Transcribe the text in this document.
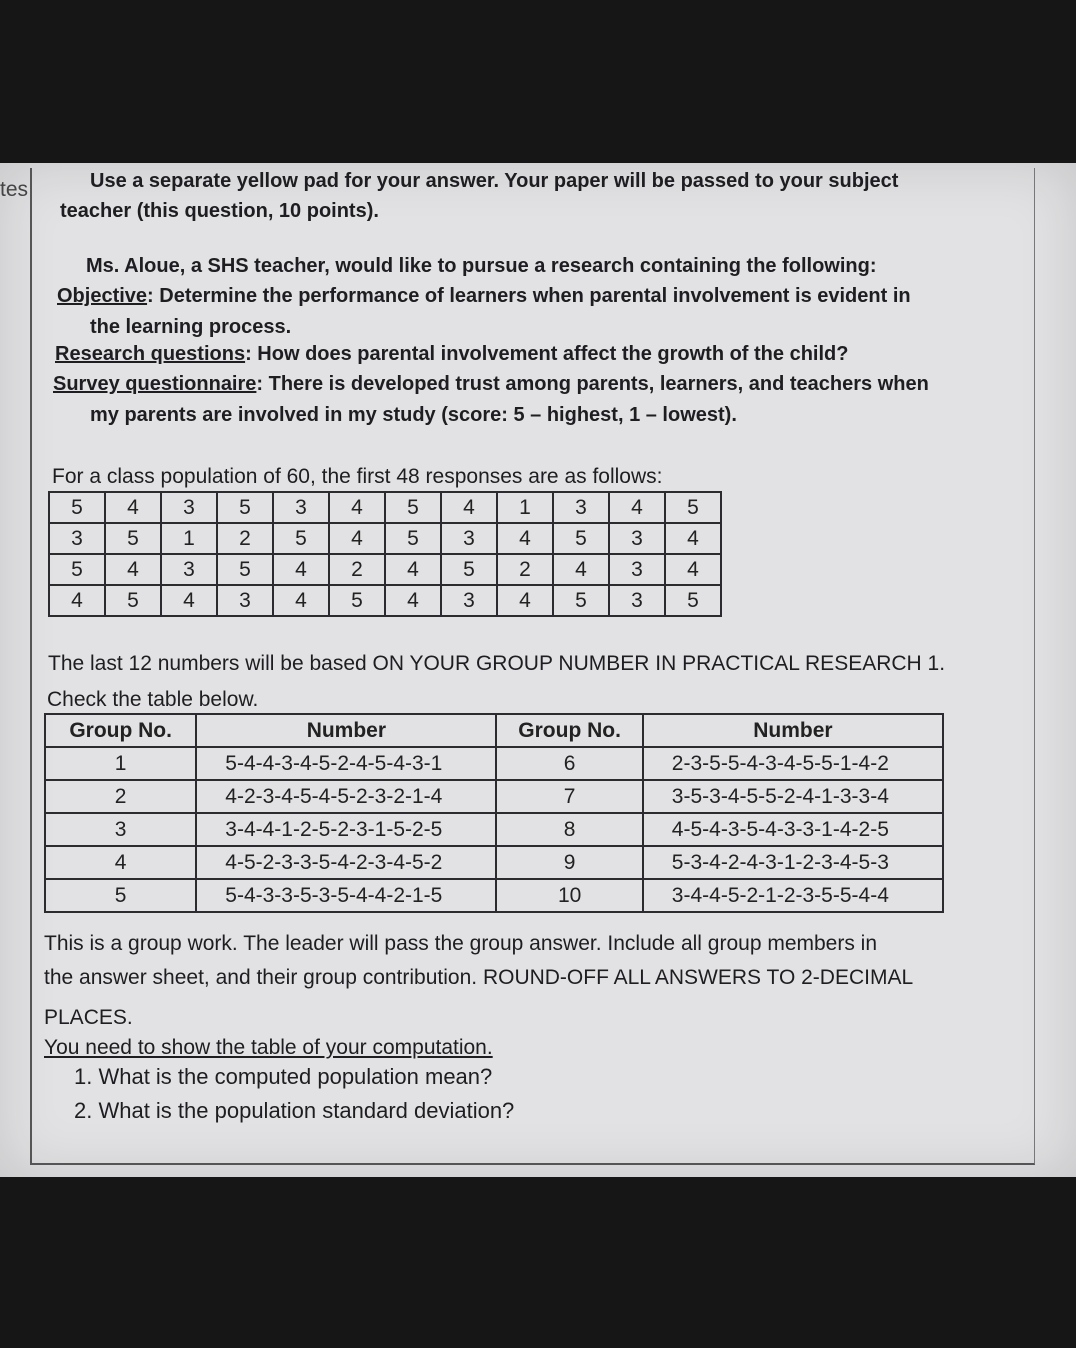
tes	Use a separate yellow pad for your answer. Your paper will be passed to your subject
teacher (this question, 10 points).
Ms. Aloue, a SHS teacher, would like to pursue a research containing the following:
Objective: Determine the performance of learners when parental involvement is evident in
the learning process.
Research questions: How does parental involvement affect the growth of the child?
Survey questionnaire: There is developed trust among parents, learners, and teachers when
my parents are involved in my study (score: 5 – highest, 1 – lowest).
For a class population of 60, the first 48 responses are as follows:
5	4	3	5	3	4	5	4	1	3	4	5
3	5	1	2	5	4	5	3	4	5	3	4
5	4	3	5	4	2	4	5	2	4	3	4
4	5	4	3	4	5	4	3	4	5	3	5
The last 12 numbers will be based ON YOUR GROUP NUMBER IN PRACTICAL RESEARCH 1.
Check the table below.
Group No.	Number	Group No.	Number
1	5-4-4-3-4-5-2-4-5-4-3-1	6	2-3-5-5-4-3-4-5-5-1-4-2
2	4-2-3-4-5-4-5-2-3-2-1-4	7	3-5-3-4-5-5-2-4-1-3-3-4
3	3-4-4-1-2-5-2-3-1-5-2-5	8	4-5-4-3-5-4-3-3-1-4-2-5
4	4-5-2-3-3-5-4-2-3-4-5-2	9	5-3-4-2-4-3-1-2-3-4-5-3
5	5-4-3-3-5-3-5-4-4-2-1-5	10	3-4-4-5-2-1-2-3-5-5-4-4
This is a group work. The leader will pass the group answer. Include all group members in
the answer sheet, and their group contribution. ROUND-OFF ALL ANSWERS TO 2-DECIMAL
PLACES.
You need to show the table of your computation.
1. What is the computed population mean?
2. What is the population standard deviation?
